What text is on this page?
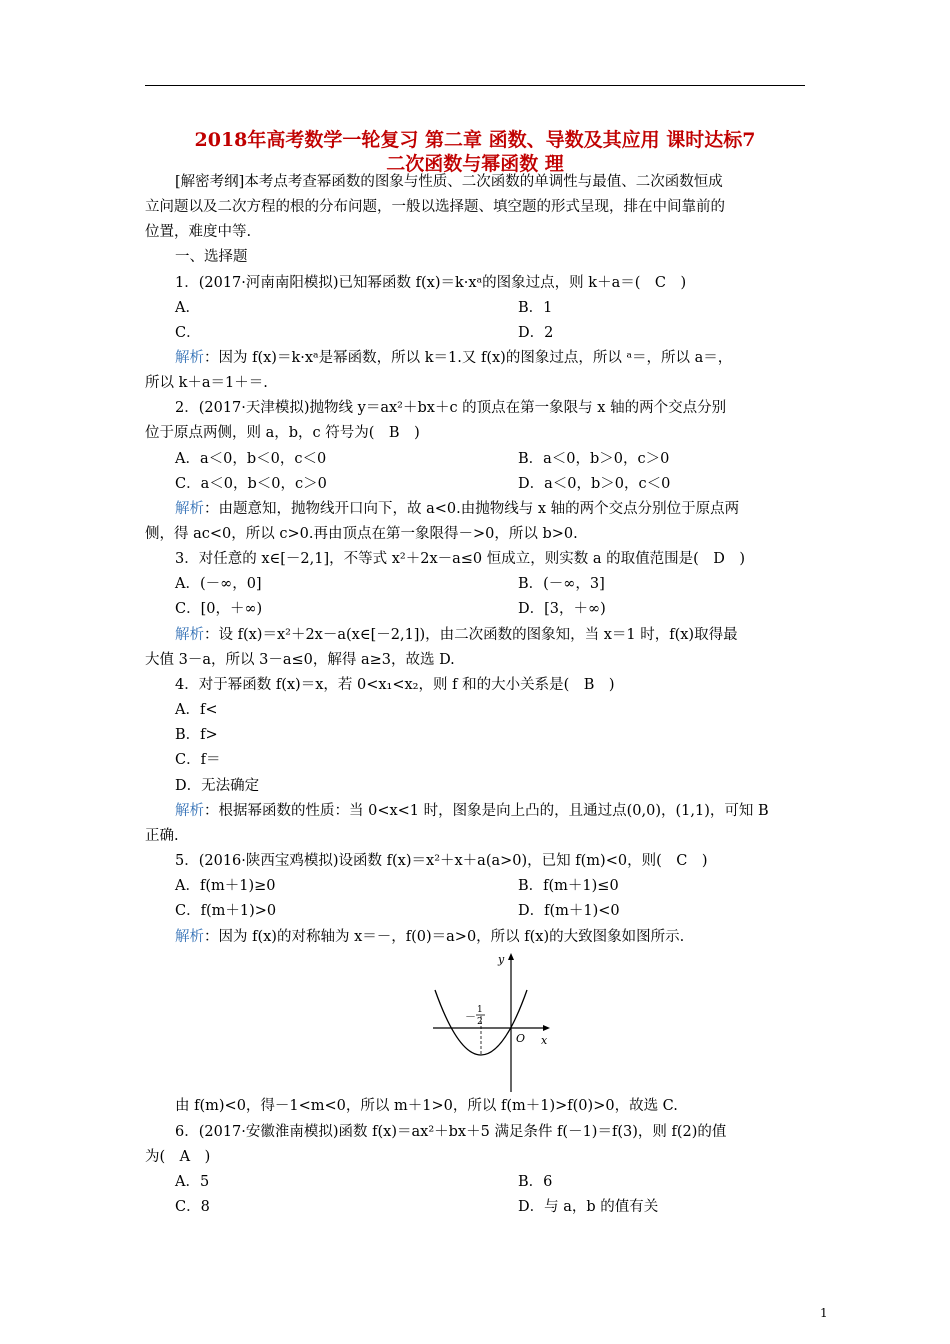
2018年高考数学一轮复习 第二章 函数、导数及其应用 课时达标7
二次函数与幂函数 理
[解密考纲]本考点考查幂函数的图象与性质、二次函数的单调性与最值、二次函数恒成
立问题以及二次方程的根的分布问题，一般以选择题、填空题的形式呈现，排在中间靠前的
位置，难度中等.
一、选择题
1．(2017·河南南阳模拟)已知幂函数 f(x)＝k·xᵃ的图象过点，则 k＋a＝(　C　)
A．	B．1
C．	D．2
解析：因为 f(x)＝k·xᵃ是幂函数，所以 k＝1.又 f(x)的图象过点，所以 ᵃ＝，所以 a＝，
所以 k＋a＝1＋＝.
2．(2017·天津模拟)抛物线 y＝ax²＋bx＋c 的顶点在第一象限与 x 轴的两个交点分别
位于原点两侧，则 a，b，c 符号为(　B　)
A．a＜0，b＜0，c＜0	B．a＜0，b＞0，c＞0
C．a＜0，b＜0，c＞0	D．a＜0，b＞0，c＜0
解析：由题意知，抛物线开口向下，故 a<0.由抛物线与 x 轴的两个交点分别位于原点两
侧，得 ac<0，所以 c>0.再由顶点在第一象限得－>0，所以 b>0.
3．对任意的 x∈[－2,1]，不等式 x²＋2x－a≤0 恒成立，则实数 a 的取值范围是(　D　)
A．(－∞，0]	B．(－∞，3]
C．[0，＋∞)	D．[3，＋∞)
解析：设 f(x)＝x²＋2x－a(x∈[－2,1])，由二次函数的图象知，当 x＝1 时，f(x)取得最
大值 3－a，所以 3－a≤0，解得 a≥3，故选 D.
4．对于幂函数 f(x)＝x，若 0<x₁<x₂，则 f 和的大小关系是(　B　)
A．f<
B．f>
C．f＝
D．无法确定
解析：根据幂函数的性质：当 0<x<1 时，图象是向上凸的，且通过点(0,0)，(1,1)，可知 B
正确.
5．(2016·陕西宝鸡模拟)设函数 f(x)＝x²＋x＋a(a>0)，已知 f(m)<0，则(　C　)
A．f(m＋1)≥0	B．f(m＋1)≤0
C．f(m＋1)>0	D．f(m＋1)<0
解析：因为 f(x)的对称轴为 x＝－，f(0)＝a>0，所以 f(x)的大致图象如图所示.
y
x
O
－ 1
2
由 f(m)<0，得－1<m<0，所以 m＋1>0，所以 f(m＋1)>f(0)>0，故选 C.
6．(2017·安徽淮南模拟)函数 f(x)＝ax²＋bx＋5 满足条件 f(－1)＝f(3)，则 f(2)的值
为(　A　)
A．5	B．6
C．8	D．与 a，b 的值有关
1
